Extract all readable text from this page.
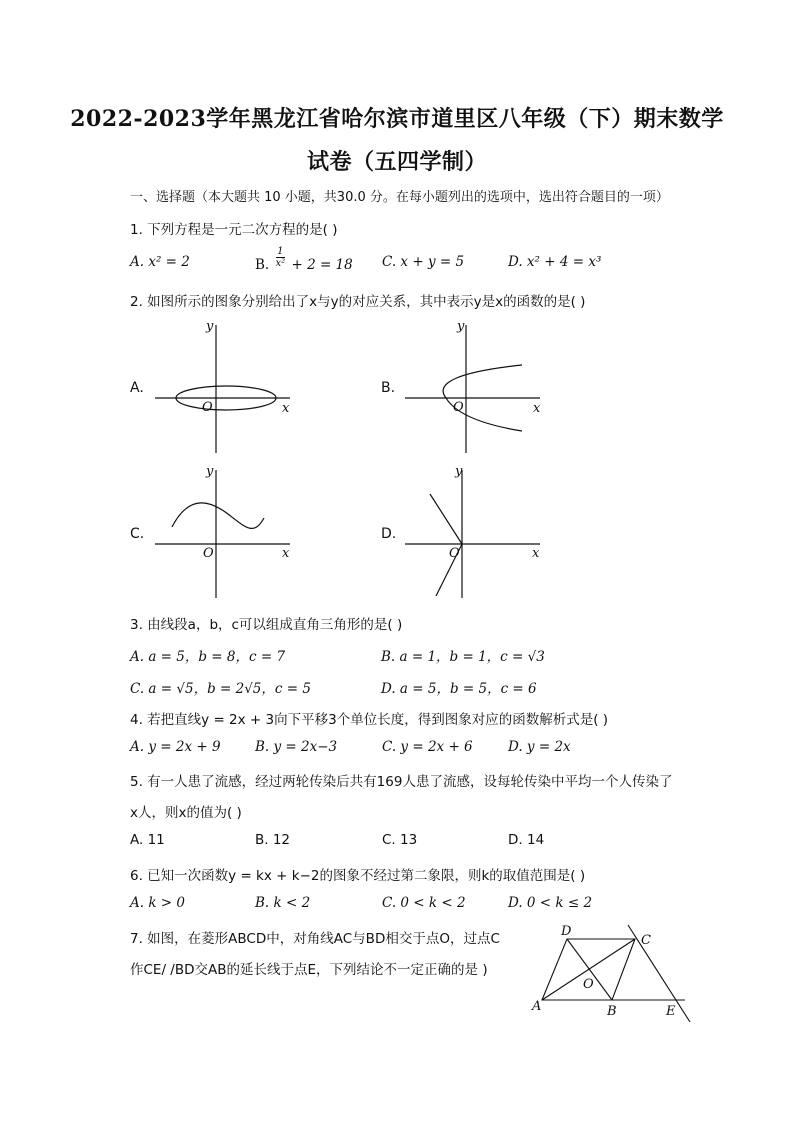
2022-2023学年黑龙江省哈尔滨市道里区八年级（下）期末数学
试卷（五四学制）
一、选择题（本大题共 10 小题，共30.0 分。在每小题列出的选项中，选出符合题目的一项）
1. 下列方程是一元二次方程的是( )
A. x² = 2	B. $\frac{1}{\text{x²}} + 2 = 18$ C. x + y = 5	D. x² + 4 = x³
2. 如图所示的图象分别给出了x与y的对应关系，其中表示y是x的函数的是( )
A.
x
y
O
B.
x
y
O
C.
x
y
O
D.
x
y
O
3. 由线段a，b，c可以组成直角三角形的是( )
A. a = 5，b = 8，c = 7	B. a = 1，b = 1，c = √3
C. a = √5，b = 2√5，c = 5	D. a = 5，b = 5，c = 6
4. 若把直线y = 2x + 3向下平移3个单位长度，得到图象对应的函数解析式是( )
A. y = 2x + 9	B. y = 2x−3	C. y = 2x + 6	D. y = 2x
5. 有一人患了流感，经过两轮传染后共有169人患了流感，设每轮传染中平均一个人传染了
x人，则x的值为( )
A. 11	B. 12	C. 13	D. 14
6. 已知一次函数y = kx + k−2的图象不经过第二象限，则k的取值范围是( )
A. k > 0	B. k < 2	C. 0 < k < 2	D. 0 < k ≤ 2
7. 如图，在菱形ABCD中，对角线AC与BD相交于点O，过点C
作CE/ /BD交AB的延长线于点E，下列结论不一定正确的是 )
A	B
C
D
E
O
